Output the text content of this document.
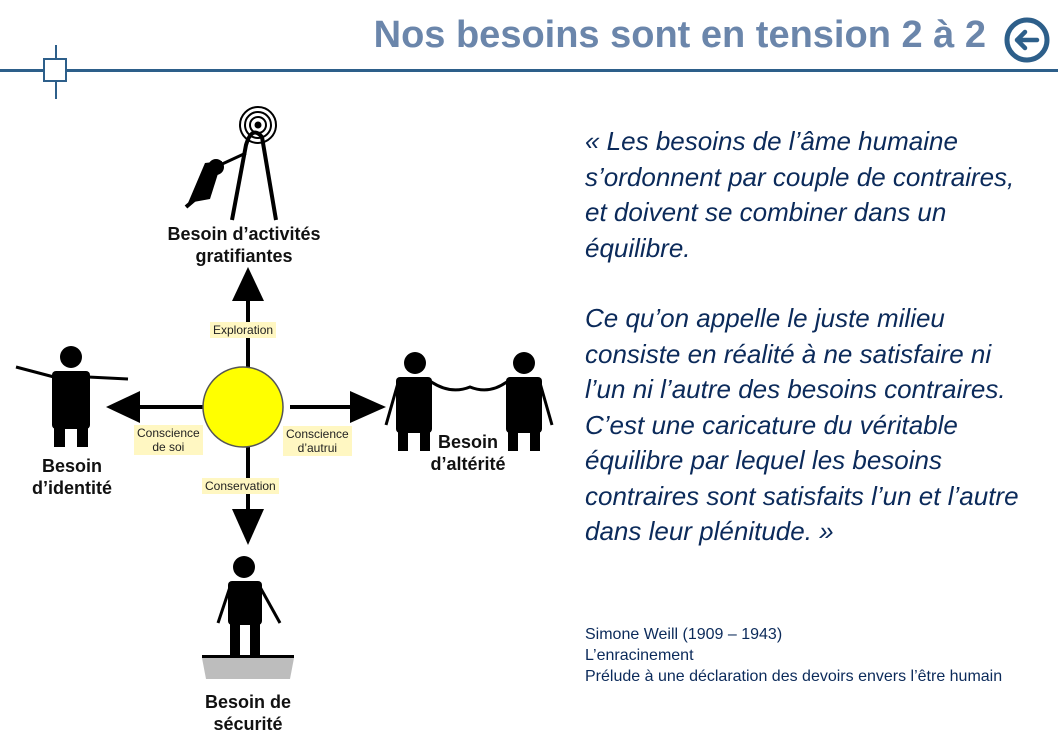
Nos besoins sont en tension 2 à 2
Besoin d’activités
gratifiantes
Besoin
d’identité
Besoin
d’altérité
Besoin de
sécurité
Exploration
Conscience
de soi
Conscience
d’autrui
Conservation

« Les besoins de l’âme humaine s’ordonnent par couple de contraires, et doivent se combiner dans un équilibre.

Ce qu’on appelle le juste milieu consiste en réalité à ne satisfaire ni l’un ni l’autre des besoins contraires. C’est une caricature du véritable équilibre par lequel les besoins contraires sont satisfaits l’un et l’autre dans leur plénitude. »

Simone Weill (1909 – 1943)
L’enracinement
Prélude à une déclaration des devoirs envers l’être humain
